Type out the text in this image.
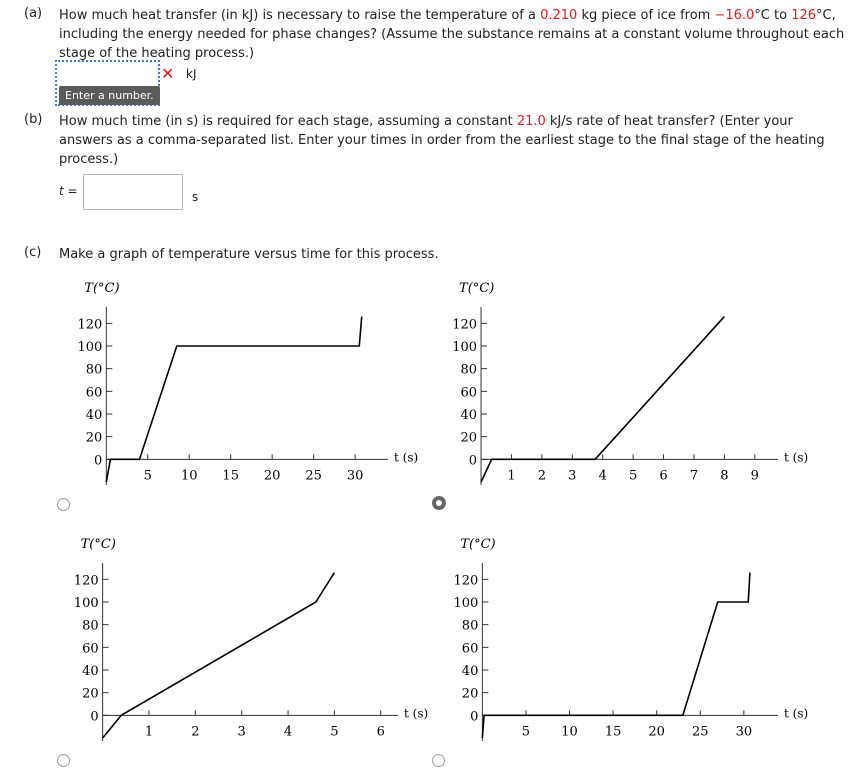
(a) How much heat transfer (in kJ) is necessary to raise the temperature of a 0.210 kg piece of ice from −16.0°C to 126°C, including the energy needed for phase changes? (Assume the substance remains at a constant volume throughout each stage of the heating process.)
✕ kJ
Enter a number.
(b) How much time (in s) is required for each stage, assuming a constant 21.0 kJ/s rate of heat transfer? (Enter your answers as a comma-separated list. Enter your times in order from the earliest stage to the final stage of the heating process.)
t =	s
(c) Make a graph of temperature versus time for this process.
T(°C)
t (s)
0
20
40
60
80
100
120
5 10 15 20 25 30
T(°C)
t (s)
0
20
40
60
80
100
120
1 2 3 4 5 6 7 8 9
T(°C)
t (s)
0
20
40
60
80
100
120
1	2	3	4	5	6
T(°C)
t (s)
0
20
40
60
80
100
120
5 10 15 20 25 30
